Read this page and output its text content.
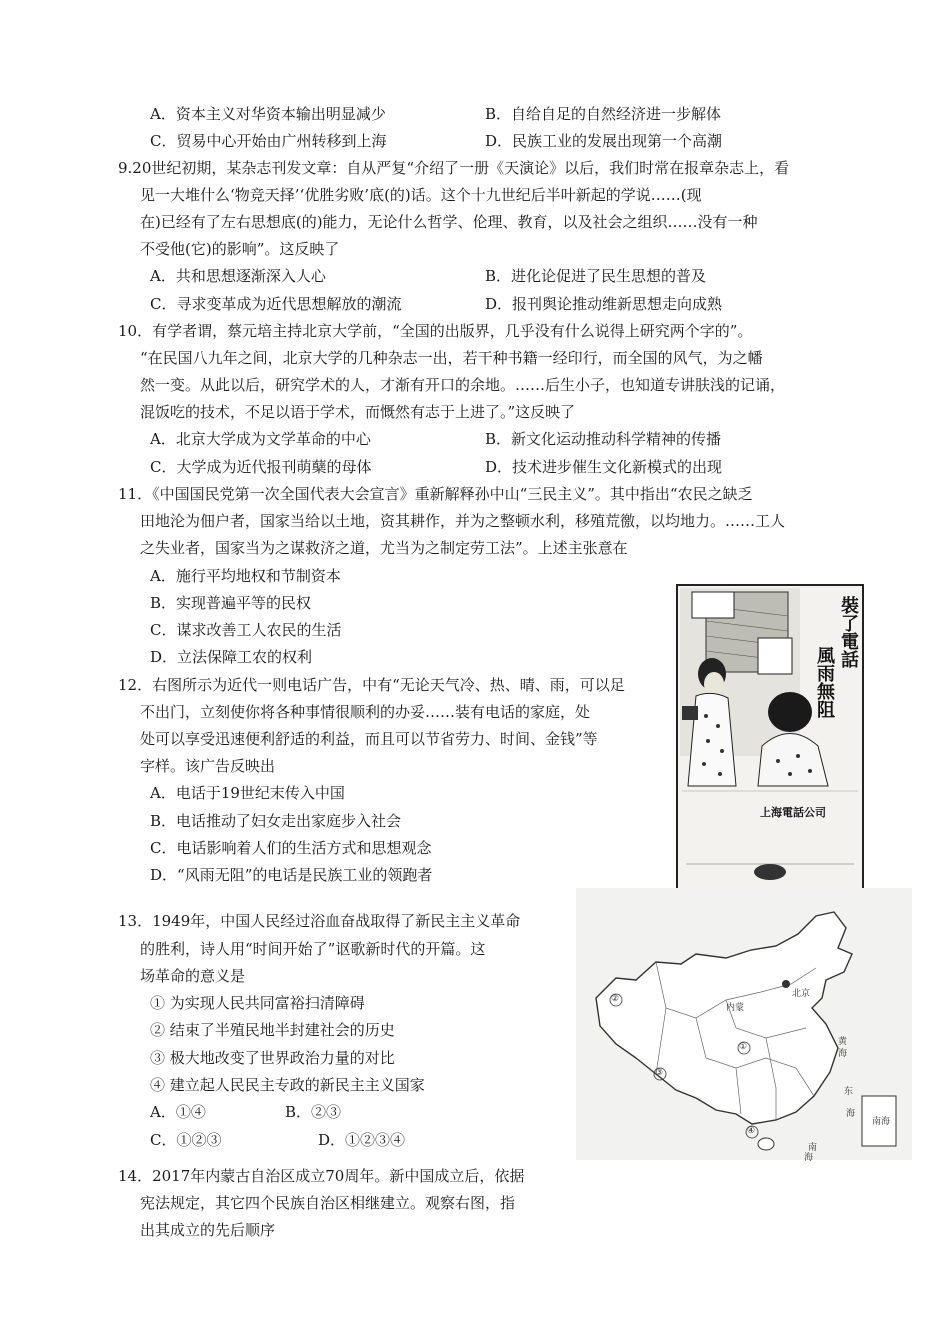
A．资本主义对华资本输出明显减少	B．自给自足的自然经济进一步解体
C．贸易中心开始由广州转移到上海	D．民族工业的发展出现第一个高潮
9.20世纪初期，某杂志刊发文章：自从严复“介绍了一册《天演论》以后，我们时常在报章杂志上，看
见一大堆什么‘物竞天择’‘优胜劣败’底(的)话。这个十九世纪后半叶新起的学说……(现
在)已经有了左右思想底(的)能力，无论什么哲学、伦理、教育，以及社会之组织……没有一种
不受他(它)的影响”。这反映了
A．共和思想逐渐深入人心	B．进化论促进了民生思想的普及
C．寻求变革成为近代思想解放的潮流	D．报刊舆论推动维新思想走向成熟
10．有学者谓，蔡元培主持北京大学前，“全国的出版界，几乎没有什么说得上研究两个字的”。
“在民国八九年之间，北京大学的几种杂志一出，若干种书籍一经印行，而全国的风气，为之幡
然一变。从此以后，研究学术的人，才渐有开口的余地。……后生小子，也知道专讲肤浅的记诵，
混饭吃的技术，不足以语于学术，而慨然有志于上进了。”这反映了
A．北京大学成为文学革命的中心	B．新文化运动推动科学精神的传播
C．大学成为近代报刊萌蘖的母体	D．技术进步催生文化新模式的出现
11．《中国国民党第一次全国代表大会宣言》重新解释孙中山“三民主义”。其中指出“农民之缺乏
田地沦为佃户者，国家当给以土地，资其耕作，并为之整顿水利，移殖荒徼，以均地力。……工人
之失业者，国家当为之谋救济之道，尤当为之制定劳工法”。上述主张意在
A．施行平均地权和节制资本
B．实现普遍平等的民权
C．谋求改善工人农民的生活
D．立法保障工农的权利
12．右图所示为近代一则电话广告，中有“无论天气冷、热、晴、雨，可以足
不出门，立刻使你将各种事情很顺利的办妥……装有电话的家庭，处
处可以享受迅速便利舒适的利益，而且可以节省劳力、时间、金钱”等
字样。该广告反映出
A．电话于19世纪末传入中国
B．电话推动了妇女走出家庭步入社会
C．电话影响着人们的生活方式和思想观念
D．“风雨无阻”的电话是民族工业的领跑者
裝了電話
風雨無阻
上海電話公司
13．1949年，中国人民经过浴血奋战取得了新民主主义革命
的胜利，诗人用“时间开始了”讴歌新时代的开篇。这
场革命的意义是
① 为实现人民共同富裕扫清障碍
② 结束了半殖民地半封建社会的历史
③ 极大地改变了世界政治力量的对比
④ 建立起人民民主专政的新民主主义国家
A．①④	B．②③
C．①②③	D．①②③④
北京
内蒙
黄
海
东
海
南
海
②
③
④
①
南海
14．2017年内蒙古自治区成立70周年。新中国成立后，依据
宪法规定，其它四个民族自治区相继建立。观察右图，指
出其成立的先后顺序
